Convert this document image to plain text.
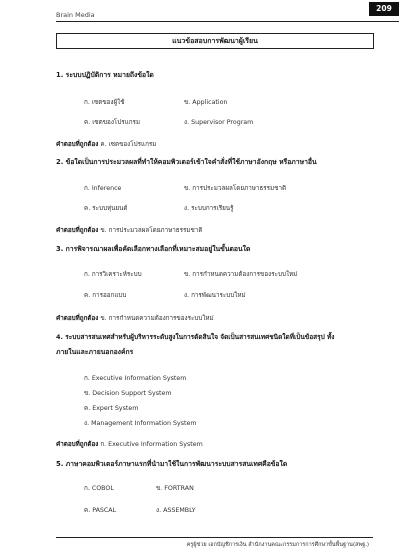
Brain Media
209
แนวข้อสอบการพัฒนาผู้เรียน
1. ระบบปฏิบัติการ หมายถึงข้อใด
ก. เซตของผู้ใช้	ข. Application
ค. เซตของโปรแกรม	ง. Supervisor Program
คำตอบที่ถูกต้อง ค. เซตของโปรแกรม
2. ข้อใดเป็นการประมวลผลที่ทำให้คอมพิวเตอร์เข้าใจคำสั่งที่ใช้ภาษาอังกฤษ หรือภาษาอื่น
ก. Inference	ข. การประมวลผลโดยภาษาธรรมชาติ
ค. ระบบหุ่นยนต์	ง. ระบบการเรียนรู้
คำตอบที่ถูกต้อง ข. การประมวลผลโดยภาษาธรรมชาติ
3. การพิจารณาผลเพื่อคัดเลือกทางเลือกที่เหมาะสมอยู่ในขั้นตอนใด
ก. การวิเคราะห์ระบบ	ข. การกำหนดความต้องการของระบบใหม่
ค. การออกแบบ	ง. การพัฒนาระบบใหม่
คำตอบที่ถูกต้อง ข. การกำหนดความต้องการของระบบใหม่
4. ระบบสารสนเทศสำหรับผู้บริหารระดับสูงในการตัดสินใจ จัดเป็นสารสนเทศชนิดใดที่เป็นข้อสรุป ทั้ง
ภายในและภายนอกองค์กร
ก. Executive Information System
ข. Decision Support System
ค. Expert System
ง. Management Information System
คำตอบที่ถูกต้อง ก. Executive Information System
5. ภาษาคอมพิวเตอร์ภาษาแรกที่นำมาใช้ในการพัฒนาระบบสารสนเทศคือข้อใด
ก. COBOL	ข. FORTRAN
ค. PASCAL	ง. ASSEMBLY
ครูผู้ช่วย เอกบัญชีการเงิน สำนักงานคณะกรรมการการศึกษาขั้นพื้นฐาน(สพฐ.)
